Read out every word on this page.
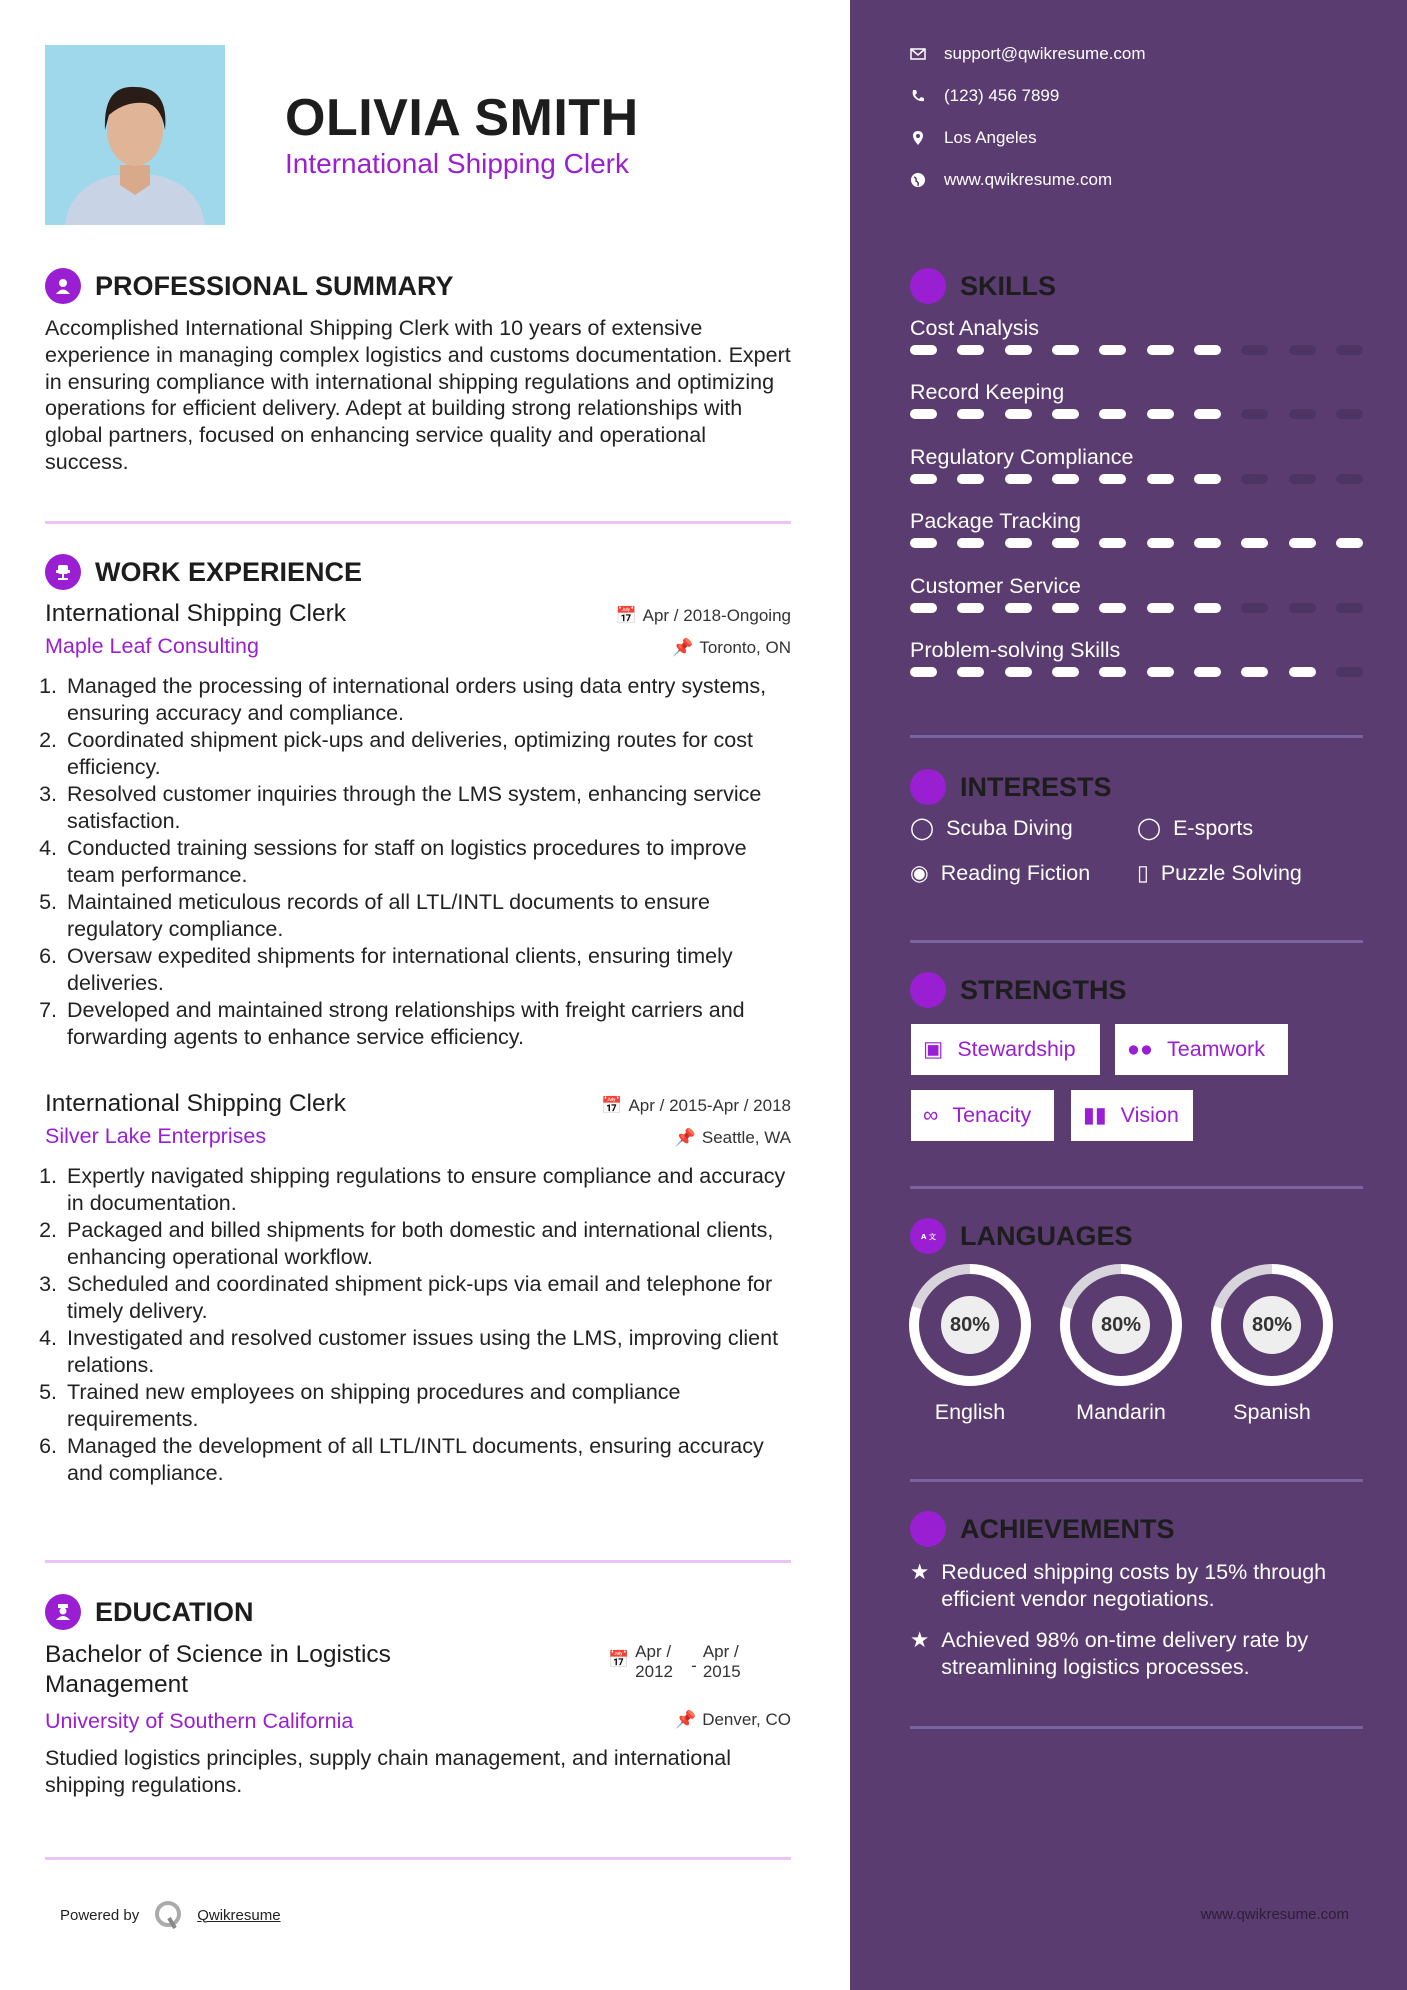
OLIVIA SMITH
International Shipping Clerk
PROFESSIONAL SUMMARY
Accomplished International Shipping Clerk with 10 years of extensive experience in managing complex logistics and customs documentation. Expert in ensuring compliance with international shipping regulations and optimizing operations for efficient delivery. Adept at building strong relationships with global partners, focused on enhancing service quality and operational success.
WORK EXPERIENCE
International Shipping Clerk	📅 Apr / 2018-Ongoing
Maple Leaf Consulting	📌 Toronto, ON
1. Managed the processing of international orders using data entry systems, ensuring accuracy and compliance.
2. Coordinated shipment pick-ups and deliveries, optimizing routes for cost efficiency.
3. Resolved customer inquiries through the LMS system, enhancing service satisfaction.
4. Conducted training sessions for staff on logistics procedures to improve team performance.
5. Maintained meticulous records of all LTL/INTL documents to ensure regulatory compliance.
6. Oversaw expedited shipments for international clients, ensuring timely deliveries.
7. Developed and maintained strong relationships with freight carriers and forwarding agents to enhance service efficiency.
International Shipping Clerk	📅 Apr / 2015-Apr / 2018
Silver Lake Enterprises	📌 Seattle, WA
1. Expertly navigated shipping regulations to ensure compliance and accuracy in documentation.
2. Packaged and billed shipments for both domestic and international clients, enhancing operational workflow.
3. Scheduled and coordinated shipment pick-ups via email and telephone for timely delivery.
4. Investigated and resolved customer issues using the LMS, improving client relations.
5. Trained new employees on shipping procedures and compliance requirements.
6. Managed the development of all LTL/INTL documents, ensuring accuracy and compliance.
EDUCATION
Bachelor of Science in Logistics Management
📅 Apr / 2012 -
Apr / 2015
University of Southern California	📌 Denver, CO
Studied logistics principles, supply chain management, and international shipping regulations.
Powered by	Qwikresume
support@qwikresume.com
(123) 456 7899
Los Angeles
www.qwikresume.com
SKILLS
Cost Analysis
Record Keeping
Regulatory Compliance
Package Tracking
Customer Service
Problem-solving Skills
INTERESTS
◯ Scuba Diving	◯ E-sports
◉ Reading Fiction ▯ Puzzle Solving
STRENGTHS
▣ Stewardship ●● Teamwork
∞ Tenacity ▮▮ Vision
A 文 LANGUAGES
80%
English
80%
Mandarin
80%
Spanish
ACHIEVEMENTS
★ Reduced shipping costs by 15% through efficient vendor negotiations.
★ Achieved 98% on-time delivery rate by streamlining logistics processes.
www.qwikresume.com
